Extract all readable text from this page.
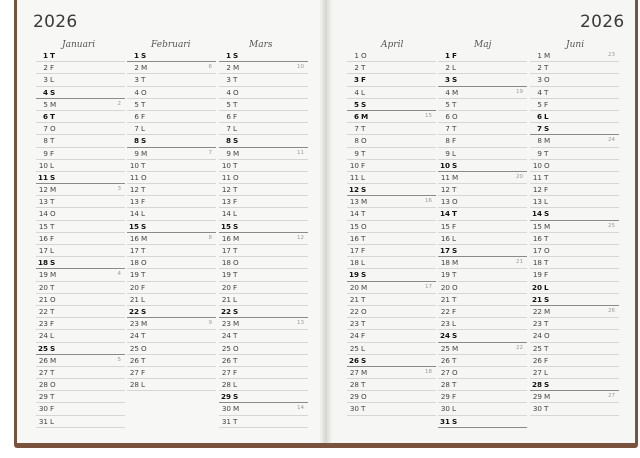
2026	2026
Januari
1 T
2 F
3 L
4 S
5 M	2
6 T
7 O
8 T
9 F
10 L
11 S
12 M	3
13 T
14 O
15 T
16 F
17 L
18 S
19 M	4
20 T
21 O
22 T
23 F
24 L
25 S
26 M	5
27 T
28 O
29 T
30 F
31 L
Februari
1 S
2 M	6
3 T
4 O
5 T
6 F
7 L
8 S
9 M	7
10 T
11 O
12 T
13 F
14 L
15 S
16 M	8
17 T
18 O
19 T
20 F
21 L
22 S
23 M	9
24 T
25 O
26 T
27 F
28 L
Mars
1 S
2 M	10
3 T
4 O
5 T
6 F
7 L
8 S
9 M	11
10 T
11 O
12 T
13 F
14 L
15 S
16 M	12
17 T
18 O
19 T
20 F
21 L
22 S
23 M	13
24 T
25 O
26 T
27 F
28 L
29 S
30 M	14
31 T
April
1 O
2 T
3 F
4 L
5 S
6 M	15
7 T
8 O
9 T
10 F
11 L
12 S
13 M	16
14 T
15 O
16 T
17 F
18 L
19 S
20 M	17
21 T
22 O
23 T
24 F
25 L
26 S
27 M	18
28 T
29 O
30 T
Maj
1 F
2 L
3 S
4 M	19
5 T
6 O
7 T
8 F
9 L
10 S
11 M	20
12 T
13 O
14 T
15 F
16 L
17 S
18 M	21
19 T
20 O
21 T
22 F
23 L
24 S
25 M	22
26 T
27 O
28 T
29 F
30 L
31 S
Juni
1 M	23
2 T
3 O
4 T
5 F
6 L
7 S
8 M	24
9 T
10 O
11 T
12 F
13 L
14 S
15 M	25
16 T
17 O
18 T
19 F
20 L
21 S
22 M	26
23 T
24 O
25 T
26 F
27 L
28 S
29 M	27
30 T
